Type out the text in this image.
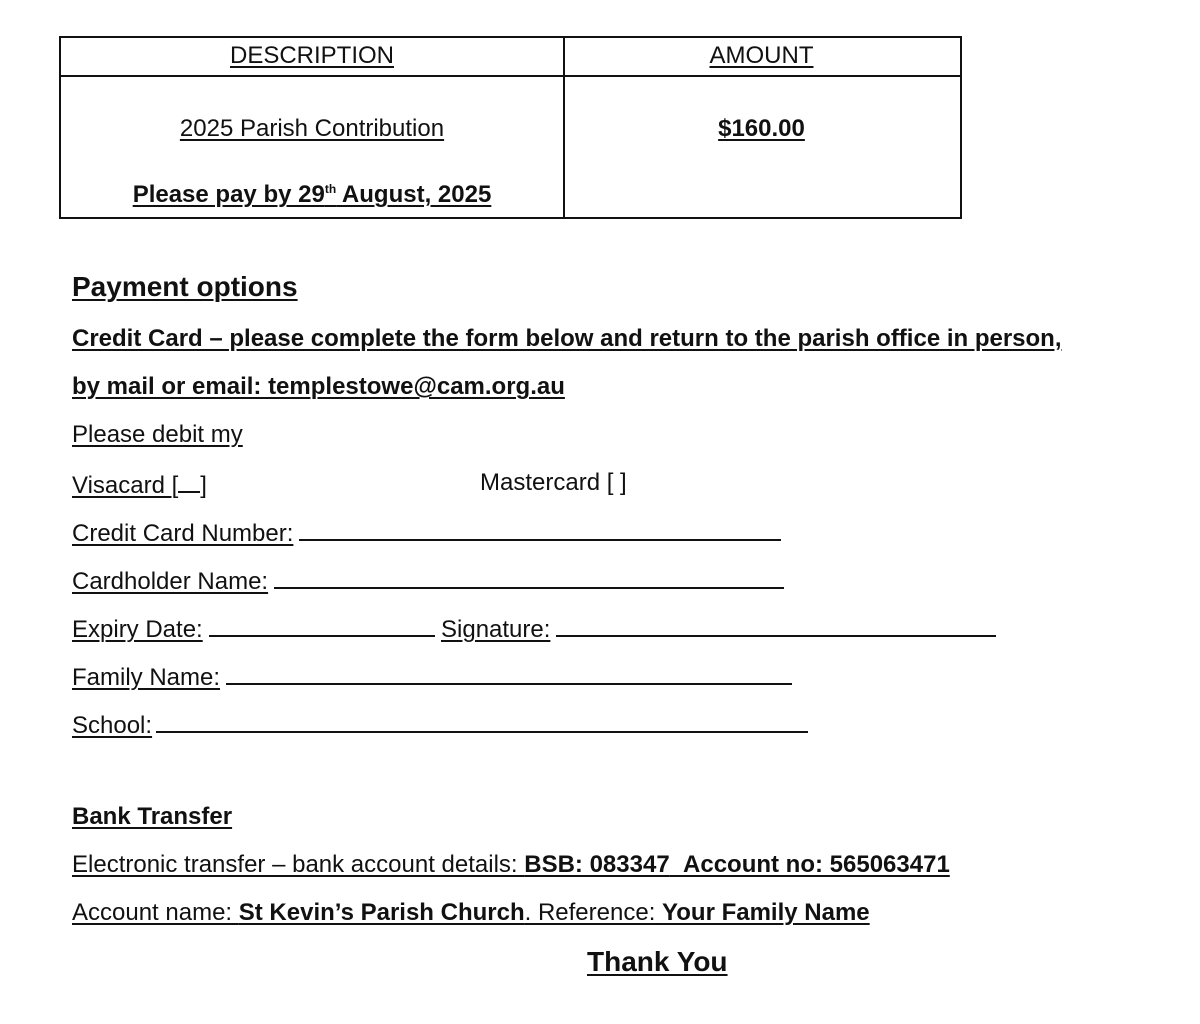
DESCRIPTION	AMOUNT
2025 Parish Contribution	$160.00
Please pay by 29th August, 2025
Payment options
Credit Card – please complete the form below and return to the parish office in person,
by mail or email: templestowe@cam.org.au
Please debit my
Visacard [ ]	Mastercard [ ]
Credit Card Number:
Cardholder Name:
Expiry Date:	Signature:
Family Name:
School:
Bank Transfer
Electronic transfer – bank account details: BSB: 083347 Account no: 565063471
Account name: St Kevin’s Parish Church. Reference: Your Family Name
Thank You
